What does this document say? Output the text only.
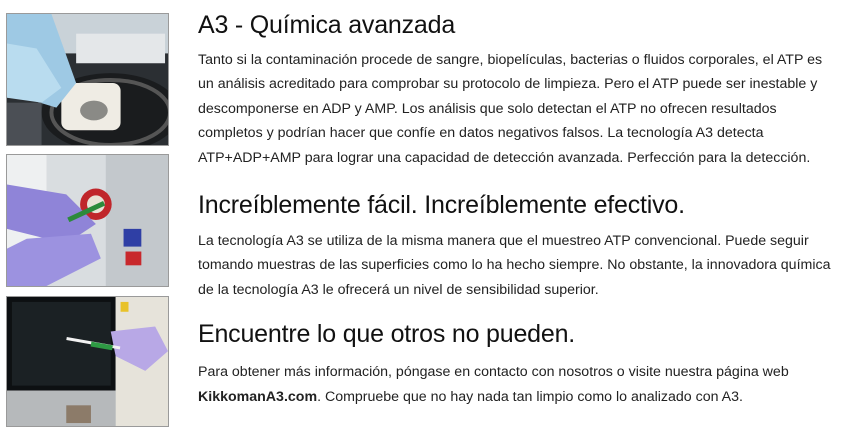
A3 - Química avanzada

Tanto si la contaminación procede de sangre, biopelículas, bacterias o fluidos corporales, el ATP es un análisis acreditado para comprobar su protocolo de limpieza. Pero el ATP puede ser inestable y descomponerse en ADP y AMP. Los análisis que solo detectan el ATP no ofrecen resultados completos y podrían hacer que confíe en datos negativos falsos. La tecnología A3 detecta ATP+ADP+AMP para lograr una capacidad de detección avanzada. Perfección para la detección.

Increíblemente fácil. Increíblemente efectivo.

La tecnología A3 se utiliza de la misma manera que el muestreo ATP convencional. Puede seguir tomando muestras de las superficies como lo ha hecho siempre. No obstante, la innovadora química de la tecnología A3 le ofrecerá un nivel de sensibilidad superior.

Encuentre lo que otros no pueden.

Para obtener más información, póngase en contacto con nosotros o visite nuestra página web KikkomanA3.com. Compruebe que no hay nada tan limpio como lo analizado con A3.
